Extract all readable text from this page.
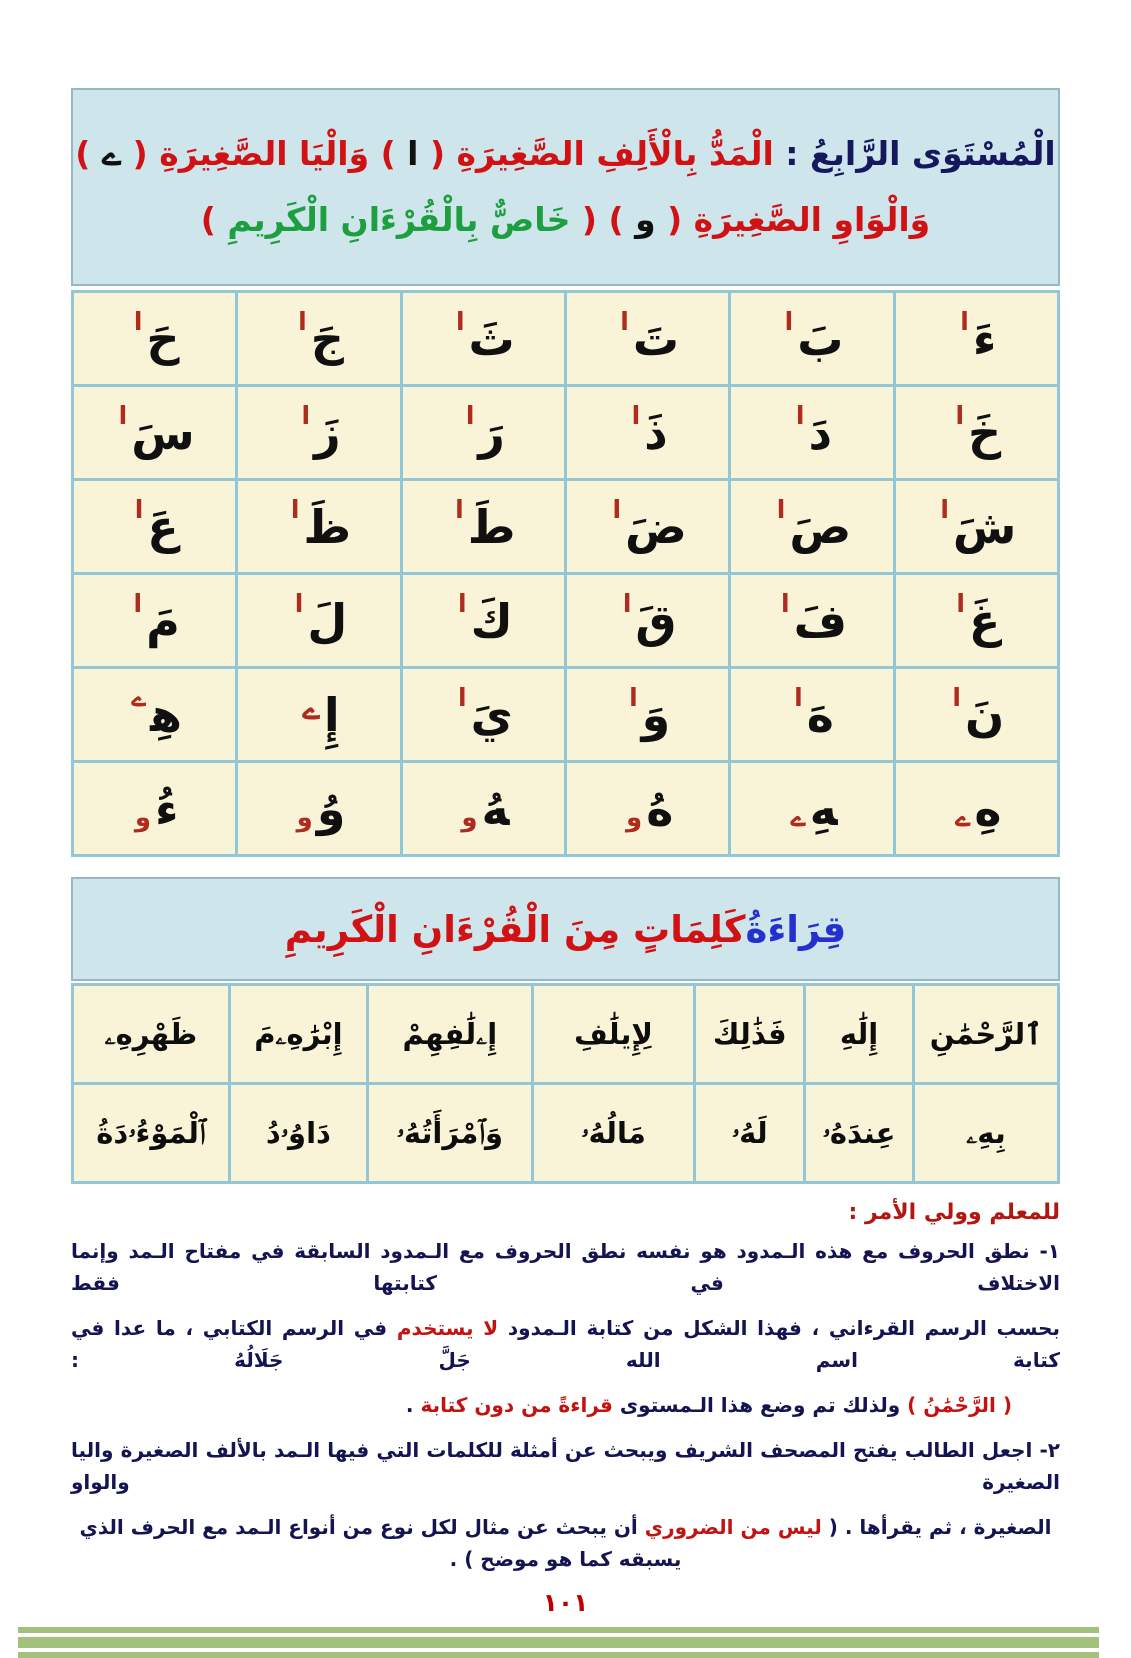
الْمُسْتَوَى الرَّابِعُ : الْمَدُّ بِالْأَلِفِ الصَّغِيرَةِ ( ا ) وَالْيَا الصَّغِيرَةِ ( ے )
وَالْوَاوِ الصَّغِيرَةِ ( و ) ( خَاصٌّ بِالْقُرْءَانِ الْكَرِيمِ )
ءَ
ا
بَ
ا
تَ
ا
ثَ
ا
جَ
ا
حَ
ا
خَ
ا
دَ
ا
ذَ
ا
رَ
ا
زَ
ا
سَ
ا
شَ
ا
صَ
ا
ضَ
ا
طَ
ا
ظَ
ا
عَ
ا
غَ
ا
فَ
ا
قَ
ا
كَ
ا
لَ
ا
مَ
ا
نَ
ا
هَ
ا
وَ
ا
يَ
ا
إِ
ے
ﻫِ
ے
هِ
ے
ﻪِ
ے
هُ
و
ﻪُ
و
وُ
و
ءُ
و
قِرَاءَةُ
كَلِمَاتٍ مِنَ الْقُرْءَانِ الْكَرِيمِ
ٱلرَّحْمَٰنِ
إِلَٰهِ
فَذَٰلِكَ
لِإِيلَٰفِ
إِۦلَٰفِهِمْ
إِبْرَٰهِۦمَ
ظَهْرِهِۦ
بِهِۦ
عِندَهُۥ
لَهُۥ
مَالُهُۥ
وَٱمْرَأَتُهُۥ
دَاوُۥدُ
ٱلْمَوْءُۥدَةُ
للمعلم وولي الأمر :
١- نطق الحروف مع هذه الـمدود هو نفسه نطق الحروف مع الـمدود السابقة في مفتاح الـمد وإنما الاختلاف في كتابتها فقط
بحسب الرسم القرءاني ، فهذا الشكل من كتابة الـمدود لا يستخدم في الرسم الكتابي ، ما عدا في كتابة اسم الله جَلَّ جَلَالُهُ :
( الرَّحْمَٰنُ ) ولذلك تم وضع هذا الـمستوى قراءةً من دون كتابة .
٢- اجعل الطالب يفتح المصحف الشريف ويبحث عن أمثلة للكلمات التي فيها الـمد بالألف الصغيرة واليا الصغيرة والواو
الصغيرة ، ثم يقرأها . ( ليس من الضروري أن يبحث عن مثال لكل نوع من أنواع الـمد مع الحرف الذي يسبقه كما هو موضح ) .
١٠١
